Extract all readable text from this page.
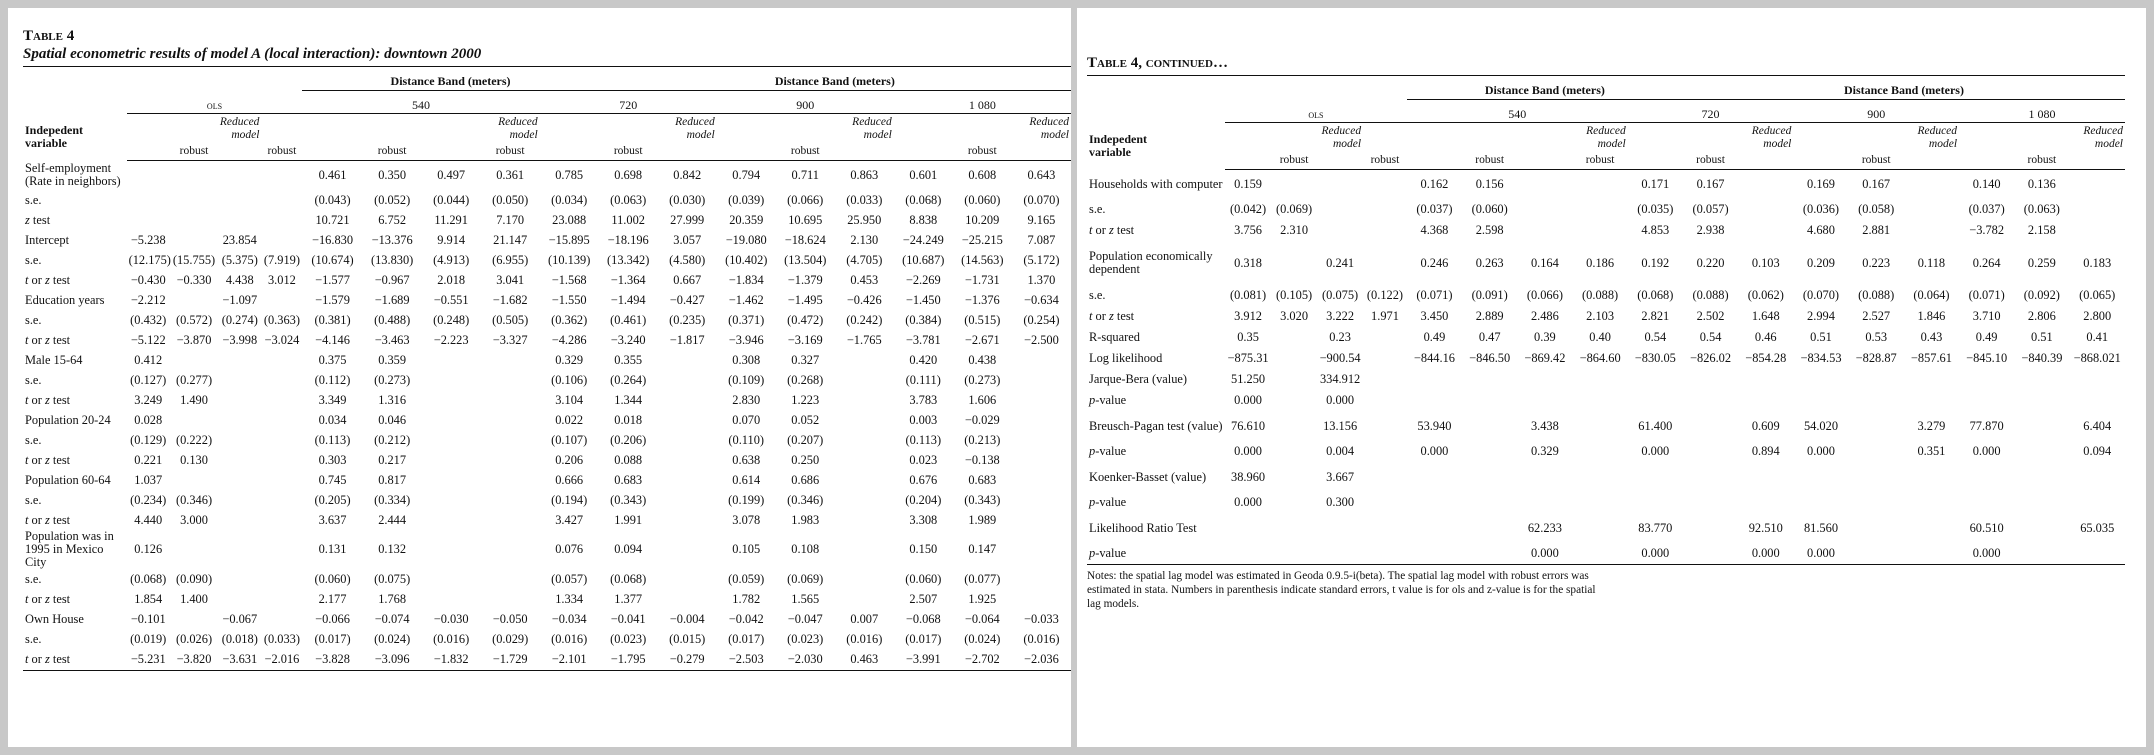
Table 4
Spatial econometric results of model A (local interaction): downtown 2000
					Distance Band (meters)					Distance Band (meters)							
	ols				540				720			900			1 080		
Indepedent
variable		Reduced
model					Reduced
model				Reduced
model			Reduced
model			Reduced
model
		robust		robust		robust		robust		robust			robust			robust	
Self-employment (Rate in neighbors)					0.461	0.350	0.497	0.361	0.785	0.698	0.842	0.794	0.711	0.863	0.601	0.608	0.643
s.e.					(0.043)	(0.052)	(0.044)	(0.050)	(0.034)	(0.063)	(0.030)	(0.039)	(0.066)	(0.033)	(0.068)	(0.060)	(0.070)
z test					10.721	6.752	11.291	7.170	23.088	11.002	27.999	20.359	10.695	25.950	8.838	10.209	9.165
Intercept	−5.238		23.854		−16.830	−13.376	9.914	21.147	−15.895	−18.196	3.057	−19.080	−18.624	2.130	−24.249	−25.215	7.087
s.e.	(12.175)	(15.755)	(5.375)	(7.919)	(10.674)	(13.830)	(4.913)	(6.955)	(10.139)	(13.342)	(4.580)	(10.402)	(13.504)	(4.705)	(10.687)	(14.563)	(5.172)
t or z test	−0.430	−0.330	4.438	3.012	−1.577	−0.967	2.018	3.041	−1.568	−1.364	0.667	−1.834	−1.379	0.453	−2.269	−1.731	1.370
Education years	−2.212		−1.097		−1.579	−1.689	−0.551	−1.682	−1.550	−1.494	−0.427	−1.462	−1.495	−0.426	−1.450	−1.376	−0.634
s.e.	(0.432)	(0.572)	(0.274)	(0.363)	(0.381)	(0.488)	(0.248)	(0.505)	(0.362)	(0.461)	(0.235)	(0.371)	(0.472)	(0.242)	(0.384)	(0.515)	(0.254)
t or z test	−5.122	−3.870	−3.998	−3.024	−4.146	−3.463	−2.223	−3.327	−4.286	−3.240	−1.817	−3.946	−3.169	−1.765	−3.781	−2.671	−2.500
Male 15-64	0.412				0.375	0.359			0.329	0.355		0.308	0.327		0.420	0.438	
s.e.	(0.127)	(0.277)			(0.112)	(0.273)			(0.106)	(0.264)		(0.109)	(0.268)		(0.111)	(0.273)	
t or z test	3.249	1.490			3.349	1.316			3.104	1.344		2.830	1.223		3.783	1.606	
Population 20-24	0.028				0.034	0.046			0.022	0.018		0.070	0.052		0.003	−0.029	
s.e.	(0.129)	(0.222)			(0.113)	(0.212)			(0.107)	(0.206)		(0.110)	(0.207)		(0.113)	(0.213)	
t or z test	0.221	0.130			0.303	0.217			0.206	0.088		0.638	0.250		0.023	−0.138	
Population 60-64	1.037				0.745	0.817			0.666	0.683		0.614	0.686		0.676	0.683	
s.e.	(0.234)	(0.346)			(0.205)	(0.334)			(0.194)	(0.343)		(0.199)	(0.346)		(0.204)	(0.343)	
t or z test	4.440	3.000			3.637	2.444			3.427	1.991		3.078	1.983		3.308	1.989	
Population was in 1995 in Mexico City	0.126				0.131	0.132			0.076	0.094		0.105	0.108		0.150	0.147	
s.e.	(0.068)	(0.090)			(0.060)	(0.075)			(0.057)	(0.068)		(0.059)	(0.069)		(0.060)	(0.077)	
t or z test	1.854	1.400			2.177	1.768			1.334	1.377		1.782	1.565		2.507	1.925	
Own House	−0.101		−0.067		−0.066	−0.074	−0.030	−0.050	−0.034	−0.041	−0.004	−0.042	−0.047	0.007	−0.068	−0.064	−0.033
s.e.	(0.019)	(0.026)	(0.018)	(0.033)	(0.017)	(0.024)	(0.016)	(0.029)	(0.016)	(0.023)	(0.015)	(0.017)	(0.023)	(0.016)	(0.017)	(0.024)	(0.016)
t or z test	−5.231	−3.820	−3.631	−2.016	−3.828	−3.096	−1.832	−1.729	−2.101	−1.795	−0.279	−2.503	−2.030	0.463	−3.991	−2.702	−2.036
Table 4, continued…
					Distance Band (meters)					Distance Band (meters)							
	ols				540				720			900			1 080		
Indepedent
variable		Reduced
model					Reduced
model				Reduced
model			Reduced
model			Reduced
model
		robust		robust		robust		robust		robust			robust			robust	
Households with computer	0.159				0.162	0.156			0.171	0.167		0.169	0.167		0.140	0.136	
s.e.	(0.042)	(0.069)			(0.037)	(0.060)			(0.035)	(0.057)		(0.036)	(0.058)		(0.037)	(0.063)	
t or z test	3.756	2.310			4.368	2.598			4.853	2.938		4.680	2.881		−3.782	2.158	
Population economically dependent	0.318		0.241		0.246	0.263	0.164	0.186	0.192	0.220	0.103	0.209	0.223	0.118	0.264	0.259	0.183
s.e.	(0.081)	(0.105)	(0.075)	(0.122)	(0.071)	(0.091)	(0.066)	(0.088)	(0.068)	(0.088)	(0.062)	(0.070)	(0.088)	(0.064)	(0.071)	(0.092)	(0.065)
t or z test	3.912	3.020	3.222	1.971	3.450	2.889	2.486	2.103	2.821	2.502	1.648	2.994	2.527	1.846	3.710	2.806	2.800
R-squared	0.35		0.23		0.49	0.47	0.39	0.40	0.54	0.54	0.46	0.51	0.53	0.43	0.49	0.51	0.41
Log likelihood	−875.31		−900.54		−844.16	−846.50	−869.42	−864.60	−830.05	−826.02	−854.28	−834.53	−828.87	−857.61	−845.10	−840.39	−868.021
Jarque-Bera (value)	51.250		334.912														
p-value	0.000		0.000														
Breusch-Pagan test (value)	76.610		13.156		53.940		3.438		61.400		0.609	54.020		3.279	77.870		6.404
p-value	0.000		0.004		0.000		0.329		0.000		0.894	0.000		0.351	0.000		0.094
Koenker-Basset (value)	38.960		3.667														
p-value	0.000		0.300														
Likelihood Ratio Test							62.233		83.770		92.510	81.560			60.510		65.035
p-value							0.000		0.000		0.000	0.000			0.000		
Notes: the spatial lag model was estimated in Geoda 0.9.5-i(beta). The spatial lag model with robust errors was estimated in stata. Numbers in parenthesis indicate standard errors, t value is for ols and z-value is for the spatial lag models.
